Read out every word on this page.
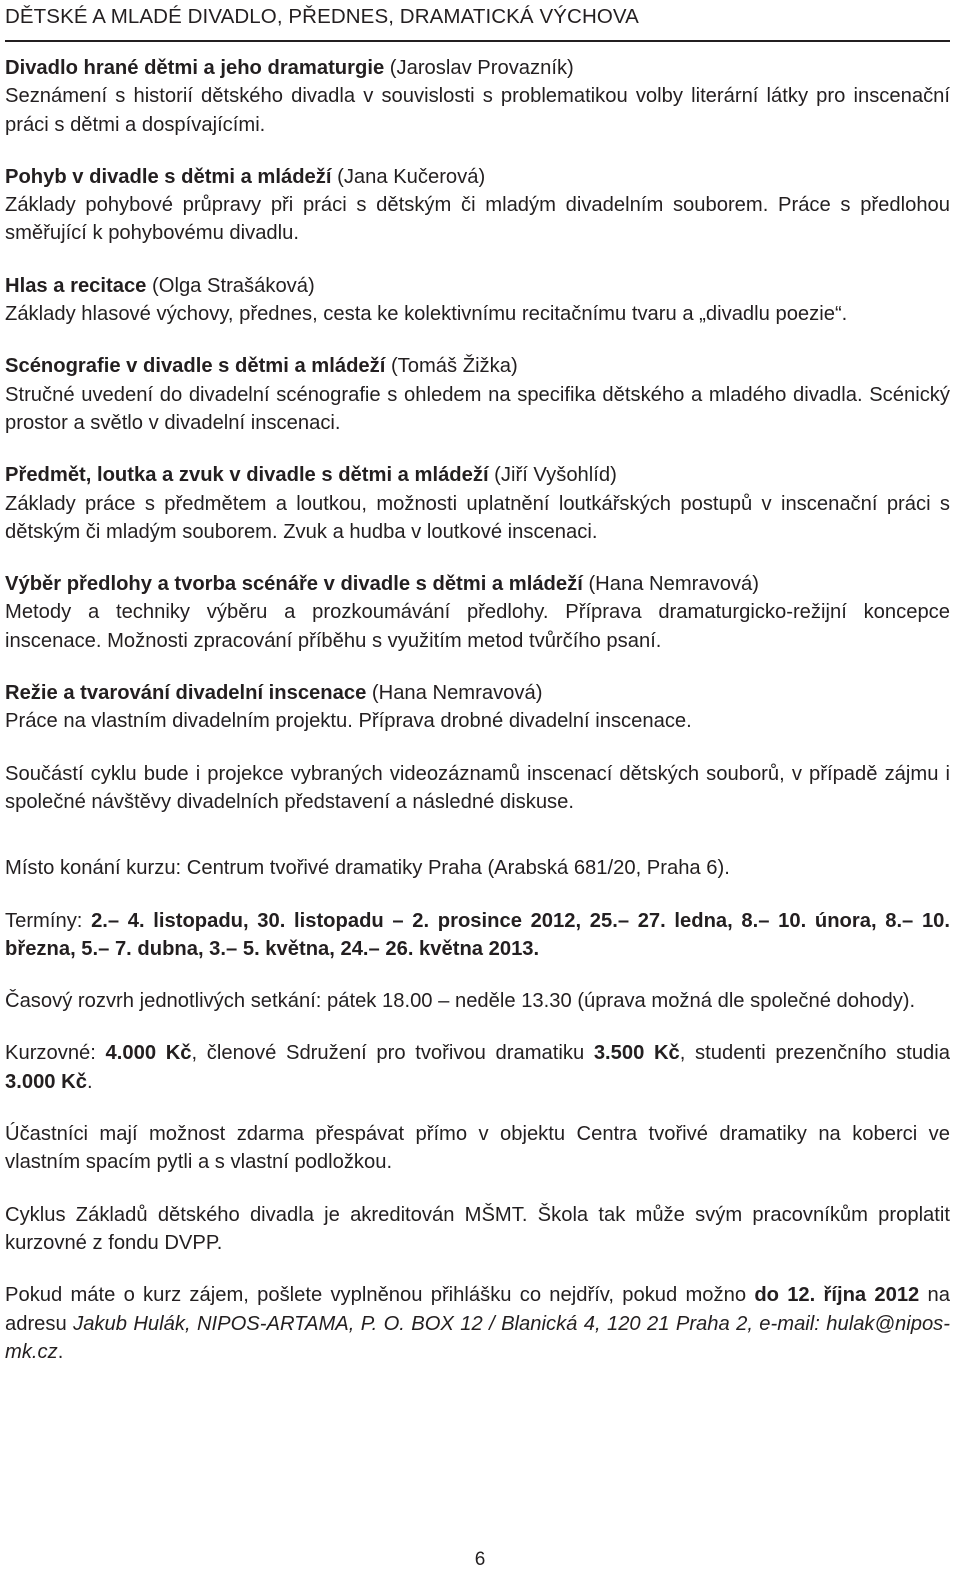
DĚTSKÉ A MLADÉ DIVADLO, PŘEDNES, DRAMATICKÁ VÝCHOVA

Divadlo hrané dětmi a jeho dramaturgie (Jaroslav Provazník)

Seznámení s historií dětského divadla v souvislosti s problematikou volby literární látky pro inscenační práci s dětmi a dospívajícími.

Pohyb v divadle s dětmi a mládeží (Jana Kučerová)

Základy pohybové průpravy při práci s dětským či mladým divadelním souborem. Práce s předlohou směřující k pohybovému divadlu.

Hlas a recitace (Olga Strašáková)

Základy hlasové výchovy, přednes, cesta ke kolektivnímu recitačnímu tvaru a „divadlu poezie“.

Scénografie v divadle s dětmi a mládeží (Tomáš Žižka)

Stručné uvedení do divadelní scénografie s ohledem na specifika dětského a mladého divadla. Scénický prostor a světlo v divadelní inscenaci.

Předmět, loutka a zvuk v divadle s dětmi a mládeží (Jiří Vyšohlíd)

Základy práce s předmětem a loutkou, možnosti uplatnění loutkářských postupů v inscenační práci s dětským či mladým souborem. Zvuk a hudba v loutkové inscenaci.

Výběr předlohy a tvorba scénáře v divadle s dětmi a mládeží (Hana Nemravová)

Metody a techniky výběru a prozkoumávání předlohy. Příprava dramaturgicko-režijní koncepce inscenace. Možnosti zpracování příběhu s využitím metod tvůrčího psaní.

Režie a tvarování divadelní inscenace (Hana Nemravová)

Práce na vlastním divadelním projektu. Příprava drobné divadelní inscenace.

Součástí cyklu bude i projekce vybraných videozáznamů inscenací dětských souborů, v případě zájmu i společné návštěvy divadelních představení a následné diskuse.

Místo konání kurzu: Centrum tvořivé dramatiky Praha (Arabská 681/20, Praha 6).

Termíny: 2.– 4. listopadu, 30. listopadu – 2. prosince 2012, 25.– 27. ledna, 8.– 10. února, 8.– 10. března, 5.– 7. dubna, 3.– 5. května, 24.– 26. května 2013.

Časový rozvrh jednotlivých setkání: pátek 18.00 – neděle 13.30 (úprava možná dle společné dohody).

Kurzovné: 4.000 Kč, členové Sdružení pro tvořivou dramatiku 3.500 Kč, studenti prezenčního studia 3.000 Kč.

Účastníci mají možnost zdarma přespávat přímo v objektu Centra tvořivé dramatiky na koberci ve vlastním spacím pytli a s vlastní podložkou.

Cyklus Základů dětského divadla je akreditován MŠMT. Škola tak může svým pracovníkům proplatit kurzovné z fondu DVPP.

Pokud máte o kurz zájem, pošlete vyplněnou přihlášku co nejdřív, pokud možno do 12. října 2012 na adresu Jakub Hulák, NIPOS-ARTAMA, P. O. BOX 12 / Blanická 4, 120 21 Praha 2, e-mail: hulak@nipos-mk.cz.

6
